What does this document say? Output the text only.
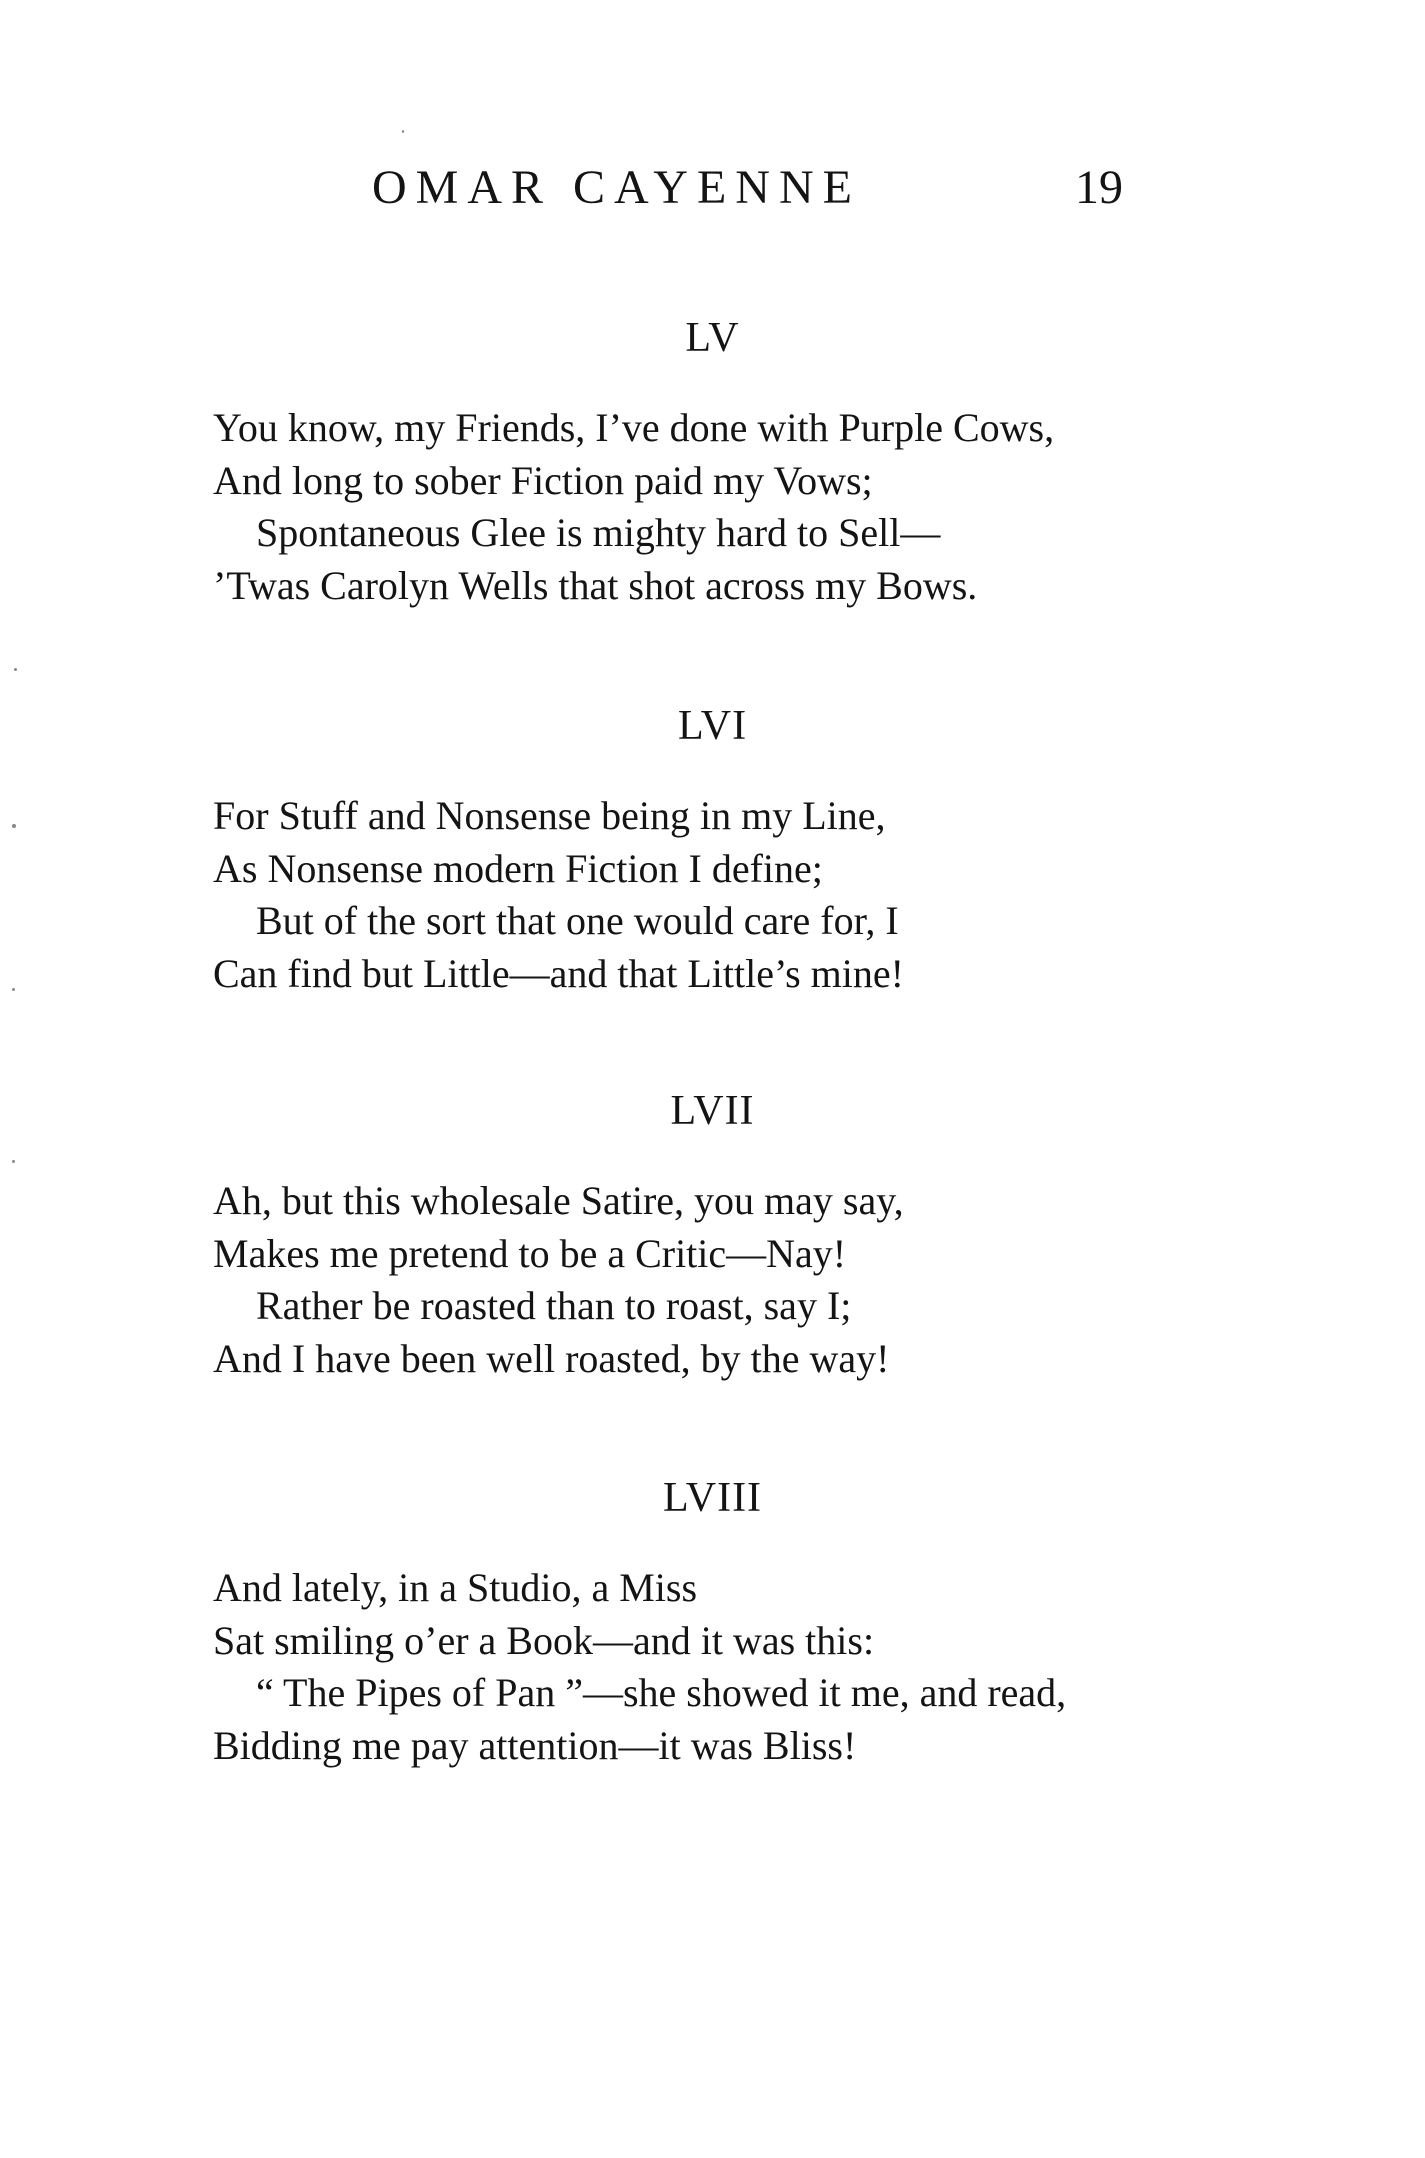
OMAR CAYENNE	19
LV
You know, my Friends, I’ve done with Purple Cows,
And long to sober Fiction paid my Vows;
Spontaneous Glee is mighty hard to Sell—
’Twas Carolyn Wells that shot across my Bows.
LVI
For Stuff and Nonsense being in my Line,
As Nonsense modern Fiction I define;
But of the sort that one would care for, I
Can find but Little—and that Little’s mine!
LVII
Ah, but this wholesale Satire, you may say,
Makes me pretend to be a Critic—Nay!
Rather be roasted than to roast, say I;
And I have been well roasted, by the way!
LVIII
And lately, in a Studio, a Miss
Sat smiling o’er a Book—and it was this:
“ The Pipes of Pan ”—she showed it me, and read,
Bidding me pay attention—it was Bliss!
